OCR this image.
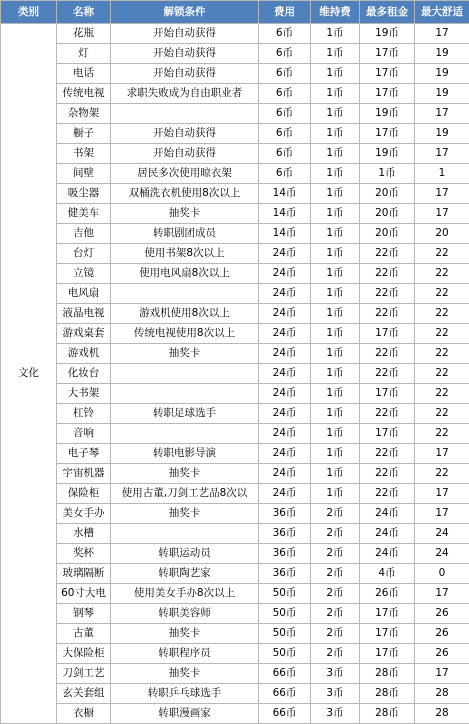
类别	名称	解锁条件	费用	维持费	最多租金	最大舒适
文化	花瓶	开始自动获得	6币	1币	19币	17
	灯	开始自动获得	6币	1币	17币	19
	电话	开始自动获得	6币	1币	17币	19
	传统电视	求职失败成为自由职业者	6币	1币	17币	19
	杂物架		6币	1币	19币	17
	橱子	开始自动获得	6币	1币	17币	19
	书架	开始自动获得	6币	1币	19币	17
	间壁	居民多次使用晾衣架	6币	1币	1币	1
	吸尘器	双桶洗衣机使用8次以上	14币	1币	20币	17
	健美车	抽奖卡	14币	1币	20币	17
	吉他	转职剧团成员	14币	1币	20币	20
	台灯	使用书架8次以上	24币	1币	22币	22
	立镜	使用电风扇8次以上	24币	1币	22币	22
	电风扇		24币	1币	22币	22
	液晶电视	游戏机使用8次以上	24币	1币	22币	22
	游戏桌套	传统电视使用8次以上	24币	1币	17币	22
	游戏机	抽奖卡	24币	1币	22币	22
	化妆台		24币	1币	22币	22
	大书架		24币	1币	17币	22
	杠铃	转职足球选手	24币	1币	22币	22
	音响		24币	1币	17币	22
	电子琴	转职电影导演	24币	1币	22币	17
	宇宙机器	抽奖卡	24币	1币	22币	22
	保险柜	使用古董,刀剑工艺品8次以	24币	1币	22币	17
	美女手办	抽奖卡	36币	2币	24币	17
	水槽		36币	2币	24币	24
	奖杯	转职运动员	36币	2币	24币	24
	玻璃隔断	转职陶艺家	36币	2币	4币	0
	60寸大电	使用美女手办8次以上	50币	2币	26币	17
	钢琴	转职美容师	50币	2币	17币	26
	古董	抽奖卡	50币	2币	17币	26
	大保险柜	转职程序员	50币	2币	17币	26
	刀剑工艺	抽奖卡	66币	3币	28币	17
	玄关套组	转职乒乓球选手	66币	3币	28币	28
	衣橱	转职漫画家	66币	3币	28币	28
